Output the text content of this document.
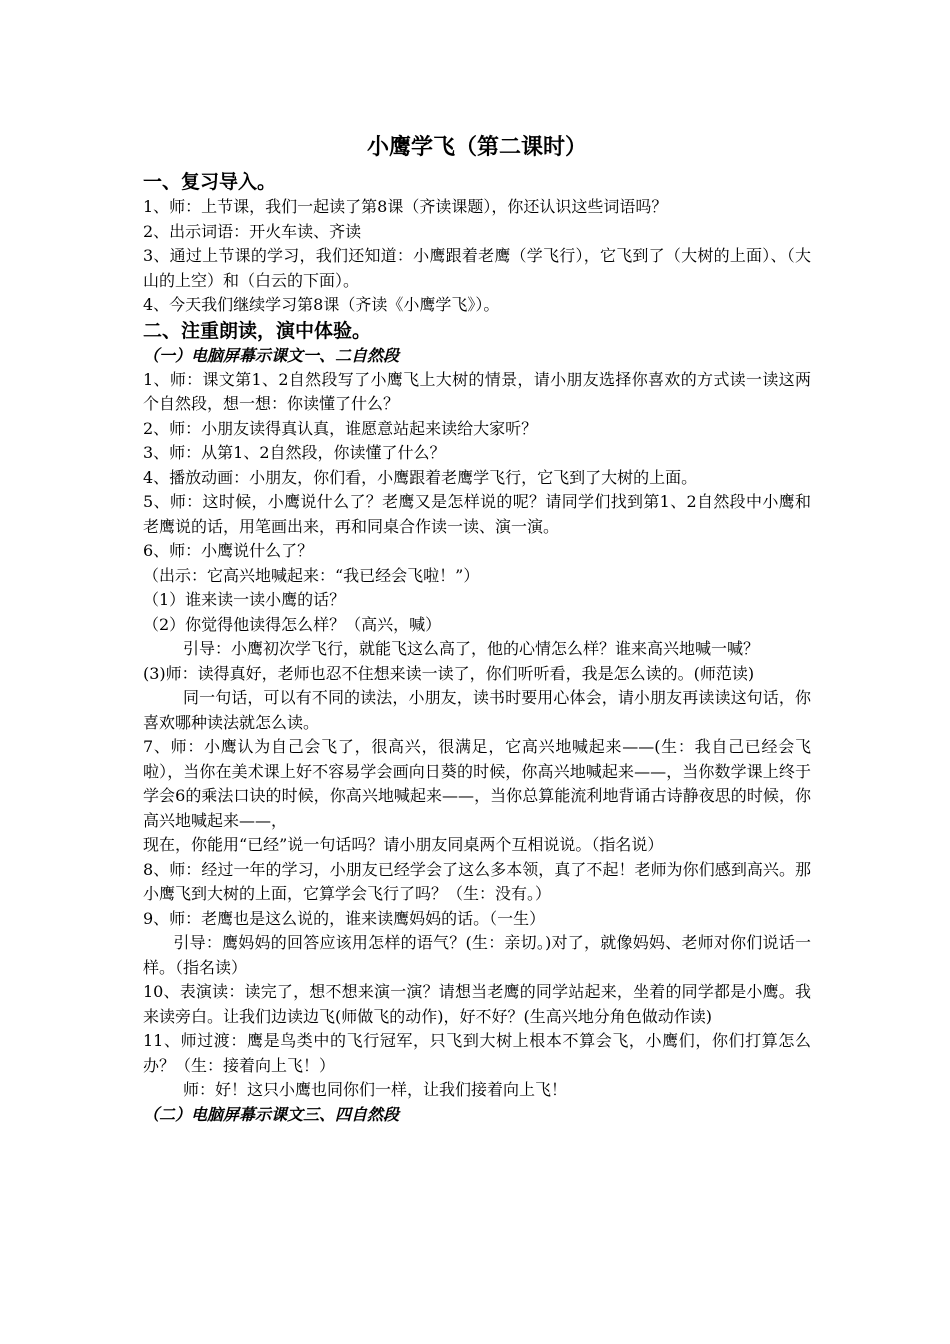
小鹰学飞（第二课时）
一、复习导入。

1、师：上节课，我们一起读了第8课（齐读课题），你还认识这些词语吗？

2、出示词语：开火车读、齐读

3、通过上节课的学习，我们还知道：小鹰跟着老鹰（学飞行），它飞到了（大树的上面）、（大山的上空）和（白云的下面）。

4、今天我们继续学习第8课（齐读《小鹰学飞》）。

二、注重朗读，演中体验。
（一）电脑屏幕示课文一、二自然段

1、师：课文第1、2自然段写了小鹰飞上大树的情景，请小朋友选择你喜欢的方式读一读这两个自然段，想一想：你读懂了什么？

2、师：小朋友读得真认真，谁愿意站起来读给大家听？

3、师：从第1、2自然段，你读懂了什么？

4、播放动画：小朋友，你们看，小鹰跟着老鹰学飞行，它飞到了大树的上面。

5、师：这时候，小鹰说什么了？老鹰又是怎样说的呢？请同学们找到第1、2自然段中小鹰和老鹰说的话，用笔画出来，再和同桌合作读一读、演一演。

6、师：小鹰说什么了？

（出示：它高兴地喊起来：“我已经会飞啦！”）

（1）谁来读一读小鹰的话？

（2）你觉得他读得怎么样？（高兴，喊）

引导：小鹰初次学飞行，就能飞这么高了，他的心情怎么样？谁来高兴地喊一喊？

(3)师：读得真好，老师也忍不住想来读一读了，你们听听看，我是怎么读的。(师范读)

同一句话，可以有不同的读法，小朋友，读书时要用心体会，请小朋友再读读这句话，你喜欢哪种读法就怎么读。

7、师：小鹰认为自己会飞了，很高兴，很满足，它高兴地喊起来——(生：我自己已经会飞啦），当你在美术课上好不容易学会画向日葵的时候，你高兴地喊起来——，当你数学课上终于学会6的乘法口诀的时候，你高兴地喊起来——，当你总算能流利地背诵古诗静夜思的时候，你高兴地喊起来——，

现在，你能用“已经”说一句话吗？请小朋友同桌两个互相说说。（指名说）

8、师：经过一年的学习，小朋友已经学会了这么多本领，真了不起！老师为你们感到高兴。那小鹰飞到大树的上面，它算学会飞行了吗？（生：没有。）

9、师：老鹰也是这么说的，谁来读鹰妈妈的话。（一生）

引导：鹰妈妈的回答应该用怎样的语气？(生：亲切。)对了，就像妈妈、老师对你们说话一样。（指名读）

10、表演读：读完了，想不想来演一演？请想当老鹰的同学站起来，坐着的同学都是小鹰。我来读旁白。让我们边读边飞(师做飞的动作)，好不好？(生高兴地分角色做动作读)

11、师过渡：鹰是鸟类中的飞行冠军，只飞到大树上根本不算会飞，小鹰们，你们打算怎么办？（生：接着向上飞！）

师：好！这只小鹰也同你们一样，让我们接着向上飞！

（二）电脑屏幕示课文三、四自然段
